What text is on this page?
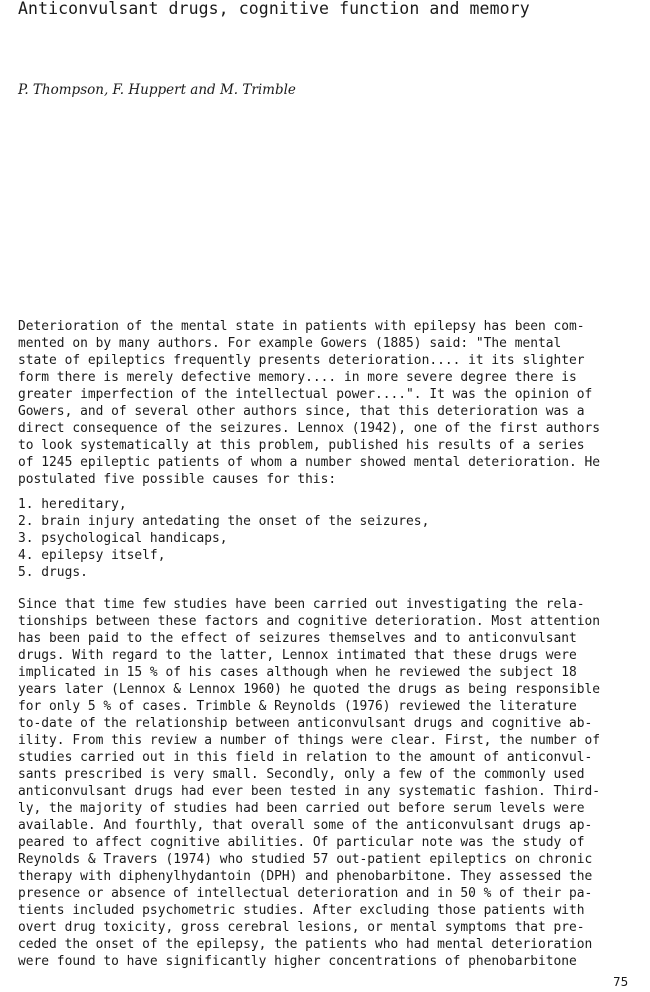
Anticonvulsant drugs, cognitive function and memory
P. Thompson, F. Huppert and M. Trimble
Deterioration of the mental state in patients with epilepsy has been com-
mented on by many authors. For example Gowers (1885) said: "The mental
state of epileptics frequently presents deterioration.... it its slighter
form there is merely defective memory.... in more severe degree there is
greater imperfection of the intellectual power....". It was the opinion of
Gowers, and of several other authors since, that this deterioration was a
direct consequence of the seizures. Lennox (1942), one of the first authors
to look systematically at this problem, published his results of a series
of 1245 epileptic patients of whom a number showed mental deterioration. He
postulated five possible causes for this:
1. hereditary,
2. brain injury antedating the onset of the seizures,
3. psychological handicaps,
4. epilepsy itself,
5. drugs.
Since that time few studies have been carried out investigating the rela-
tionships between these factors and cognitive deterioration. Most attention
has been paid to the effect of seizures themselves and to anticonvulsant
drugs. With regard to the latter, Lennox intimated that these drugs were
implicated in 15 % of his cases although when he reviewed the subject 18
years later (Lennox & Lennox 1960) he quoted the drugs as being responsible
for only 5 % of cases. Trimble & Reynolds (1976) reviewed the literature
to-date of the relationship between anticonvulsant drugs and cognitive ab-
ility. From this review a number of things were clear. First, the number of
studies carried out in this field in relation to the amount of anticonvul-
sants prescribed is very small. Secondly, only a few of the commonly used
anticonvulsant drugs had ever been tested in any systematic fashion. Third-
ly, the majority of studies had been carried out before serum levels were
available. And fourthly, that overall some of the anticonvulsant drugs ap-
peared to affect cognitive abilities. Of particular note was the study of
Reynolds & Travers (1974) who studied 57 out-patient epileptics on chronic
therapy with diphenylhydantoin (DPH) and phenobarbitone. They assessed the
presence or absence of intellectual deterioration and in 50 % of their pa-
tients included psychometric studies. After excluding those patients with
overt drug toxicity, gross cerebral lesions, or mental symptoms that pre-
ceded the onset of the epilepsy, the patients who had mental deterioration
were found to have significantly higher concentrations of phenobarbitone
75
